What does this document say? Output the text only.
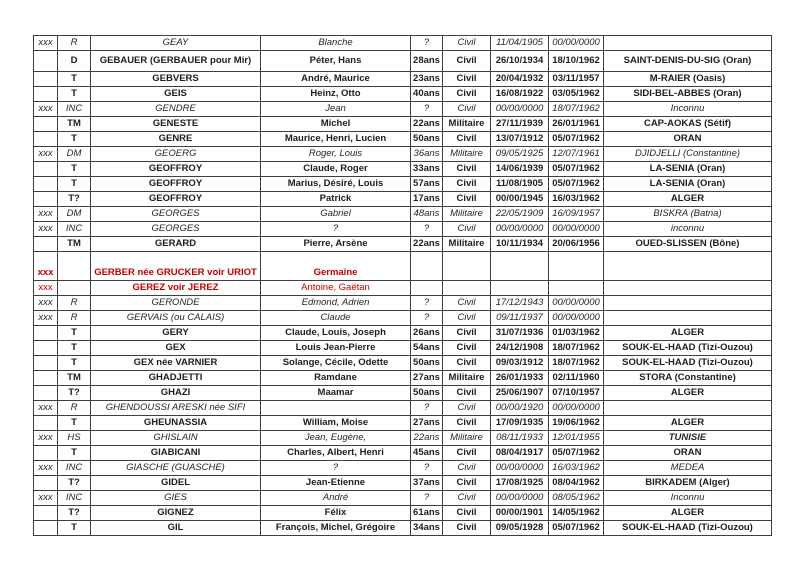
xxx	R	GEAY	Blanche	?	Civil	11/04/1905	00/00/0000	
	D	GEBAUER (GERBAUER pour Mir)	Péter, Hans	28ans	Civil	26/10/1934	18/10/1962	SAINT-DENIS-DU-SIG (Oran)
	T	GEBVERS	André, Maurice	23ans	Civil	20/04/1932	03/11/1957	M-RAIER (Oasis)
	T	GEIS	Heinz, Otto	40ans	Civil	16/08/1922	03/05/1962	SIDI-BEL-ABBES (Oran)
xxx	INC	GENDRE	Jean	?	Civil	00/00/0000	18/07/1962	Inconnu
	TM	GENESTE	Michel	22ans	Militaire	27/11/1939	26/01/1961	CAP-AOKAS (Sétif)
	T	GENRE	Maurice, Henri, Lucien	50ans	Civil	13/07/1912	05/07/1962	ORAN
xxx	DM	GEOERG	Roger, Louis	36ans	Militaire	09/05/1925	12/07/1961	DJIDJELLI (Constantine)
	T	GEOFFROY	Claude, Roger	33ans	Civil	14/06/1939	05/07/1962	LA-SENIA (Oran)
	T	GEOFFROY	Marius, Désiré, Louis	57ans	Civil	11/08/1905	05/07/1962	LA-SENIA (Oran)
	T?	GEOFFROY	Patrick	17ans	Civil	00/00/1945	16/03/1962	ALGER
xxx	DM	GEORGES	Gabriel	48ans	Militaire	22/05/1909	16/09/1957	BISKRA (Batna)
xxx	INC	GEORGES	?	?	Civil	00/00/0000	00/00/0000	inconnu
	TM	GERARD	Pierre, Arsène	22ans	Militaire	10/11/1934	20/06/1956	OUED-SLISSEN (Bône)
xxx		GERBER née GRUCKER voir URIOT	Germaine					
xxx		GEREZ voir JEREZ	Antoine, Gaëtan					
xxx	R	GERONDE	Edmond, Adrien	?	Civil	17/12/1943	00/00/0000	
xxx	R	GERVAIS (ou CALAIS)	Claude	?	Civil	09/11/1937	00/00/0000	
	T	GERY	Claude, Louis, Joseph	26ans	Civil	31/07/1936	01/03/1962	ALGER
	T	GEX	Louis Jean-Pierre	54ans	Civil	24/12/1908	18/07/1962	SOUK-EL-HAAD (Tizi-Ouzou)
	T	GEX née VARNIER	Solange, Cécile, Odette	50ans	Civil	09/03/1912	18/07/1962	SOUK-EL-HAAD (Tizi-Ouzou)
	TM	GHADJETTI	Ramdane	27ans	Militaire	26/01/1933	02/11/1960	STORA (Constantine)
	T?	GHAZI	Maamar	50ans	Civil	25/06/1907	07/10/1957	ALGER
xxx	R	GHENDOUSSI ARESKI née SIFI		?	Civil	00/00/1920	00/00/0000	
	T	GHEUNASSIA	William, Moise	27ans	Civil	17/09/1935	19/06/1962	ALGER
xxx	HS	GHISLAIN	Jean, Eugène,	22ans	Militaire	08/11/1933	12/01/1955	TUNISIE
	T	GIABICANI	Charles, Albert, Henri	45ans	Civil	08/04/1917	05/07/1962	ORAN
xxx	INC	GIASCHE (GUASCHE)	?	?	Civil	00/00/0000	16/03/1962	MEDEA
	T?	GIDEL	Jean-Etienne	37ans	Civil	17/08/1925	08/04/1962	BIRKADEM (Alger)
xxx	INC	GIES	André	?	Civil	00/00/0000	08/05/1962	Inconnu
	T?	GIGNEZ	Félix	61ans	Civil	00/00/1901	14/05/1962	ALGER
	T	GIL	François, Michel, Grégoire	34ans	Civil	09/05/1928	05/07/1962	SOUK-EL-HAAD (Tizi-Ouzou)
